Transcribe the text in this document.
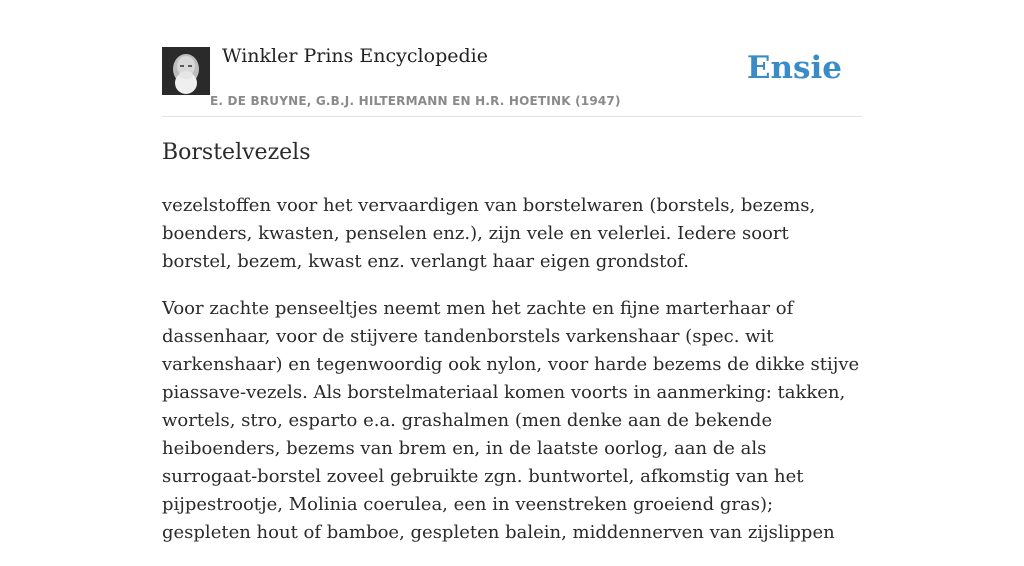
Winkler Prins Encyclopedie
E. DE BRUYNE, G.B.J. HILTERMANN EN H.R. HOETINK (1947)
Ensie
Borstelvezels

vezelstoffen voor het vervaardigen van borstelwaren (borstels, bezems, boenders, kwasten, penselen enz.), zijn vele en velerlei. Iedere soort borstel, bezem, kwast enz. verlangt haar eigen grondstof.

Voor zachte penseeltjes neemt men het zachte en fijne marterhaar of dassenhaar, voor de stijvere tandenborstels varkenshaar (spec. wit varkenshaar) en tegenwoordig ook nylon, voor harde bezems de dikke stijve piassave-vezels. Als borstelmateriaal komen voorts in aanmerking: takken, wortels, stro, esparto e.a. grashalmen (men denke aan de bekende heiboenders, bezems van brem en, in de laatste oorlog, aan de als surrogaat-borstel zoveel gebruikte zgn. buntwortel, afkomstig van het pijpestrootje, Molinia coerulea, een in veenstreken groeiend gras); gespleten hout of bamboe, gespleten balein, middennerven van zijslippen
